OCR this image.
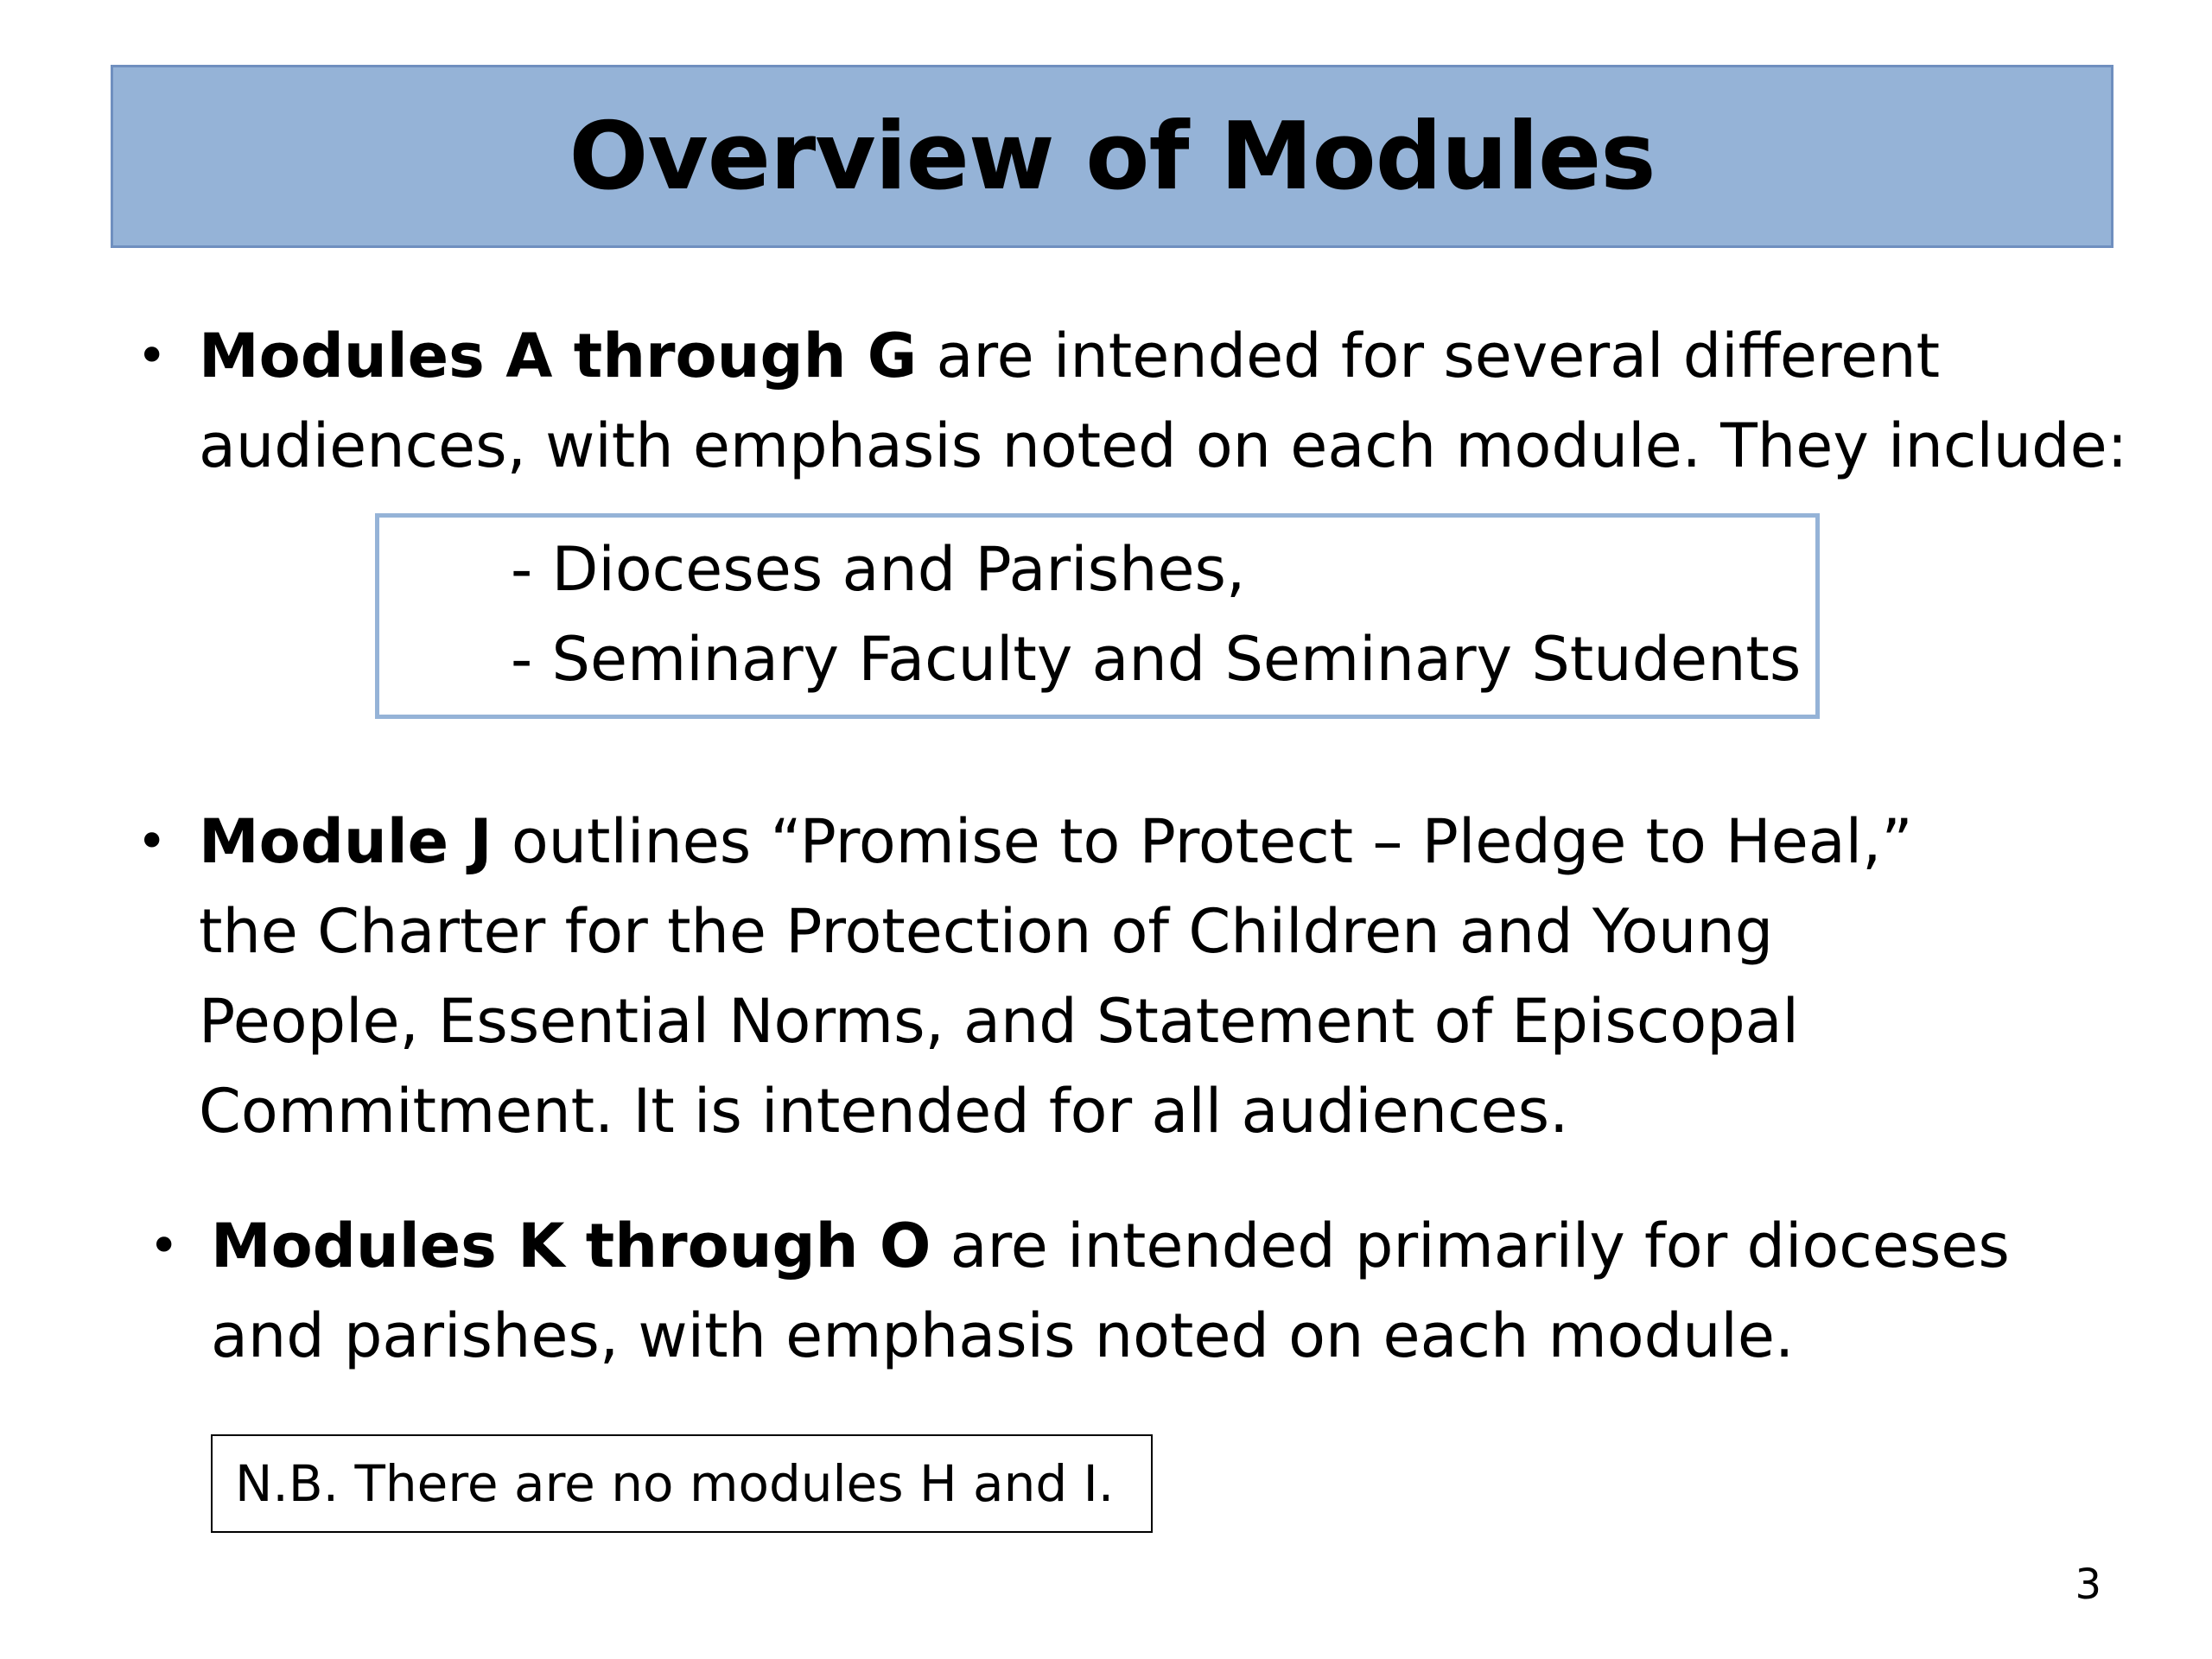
Overview of Modules
• Modules A through G are intended for several different

audiences, with emphasis noted on each module. They include:

- Dioceses and Parishes,

- Seminary Faculty and Seminary Students

• Module J outlines “Promise to Protect – Pledge to Heal,”

the Charter for the Protection of Children and Young

People, Essential Norms, and Statement of Episcopal

Commitment. It is intended for all audiences.

• Modules K through O are intended primarily for dioceses

and parishes, with emphasis noted on each module.

N.B. There are no modules H and I.
3
